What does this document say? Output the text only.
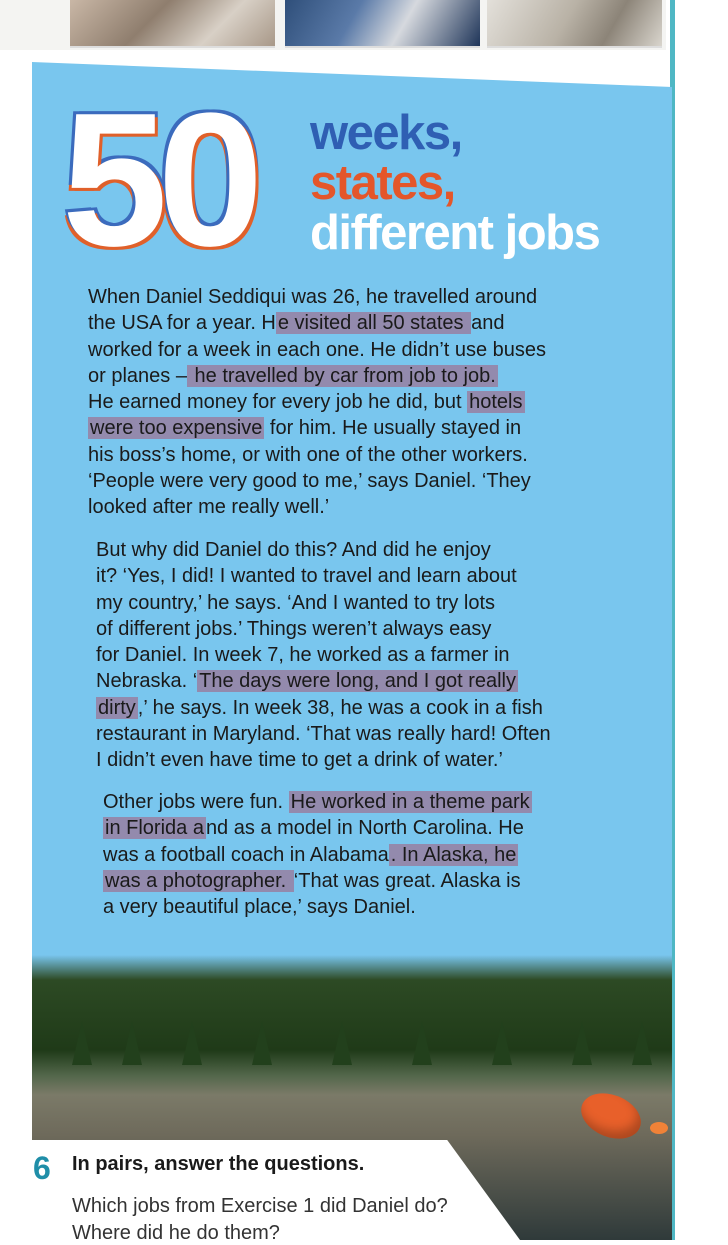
50	weeks,
states,
different jobs
When Daniel Seddiqui was 26, he travelled around
the USA for a year. H e visited all 50 states and
worked for a week in each one. He didn’t use buses
or planes – he travelled by car from job to job.
He earned money for every job he did, but hotels
were too expensive for him. He usually stayed in
his boss’s home, or with one of the other workers.
‘People were very good to me,’ says Daniel. ‘They
looked after me really well.’
But why did Daniel do this? And did he enjoy
it? ‘Yes, I did! I wanted to travel and learn about
my country,’ he says. ‘And I wanted to try lots
of different jobs.’ Things weren’t always easy
for Daniel. In week 7, he worked as a farmer in
Nebraska. ‘ The days were long, and I got really
dirty ,’ he says. In week 38, he was a cook in a fish
restaurant in Maryland. ‘That was really hard! Often
I didn’t even have time to get a drink of water.’
Other jobs were fun. He worked in a theme park
in Florida a nd as a model in North Carolina. He
was a football coach in Alabama . In Alaska, he
was a photographer. ‘That was great. Alaska is
a very beautiful place,’ says Daniel.
6 In pairs, answer the questions.
Which jobs from Exercise 1 did Daniel do?
Where did he do them?
